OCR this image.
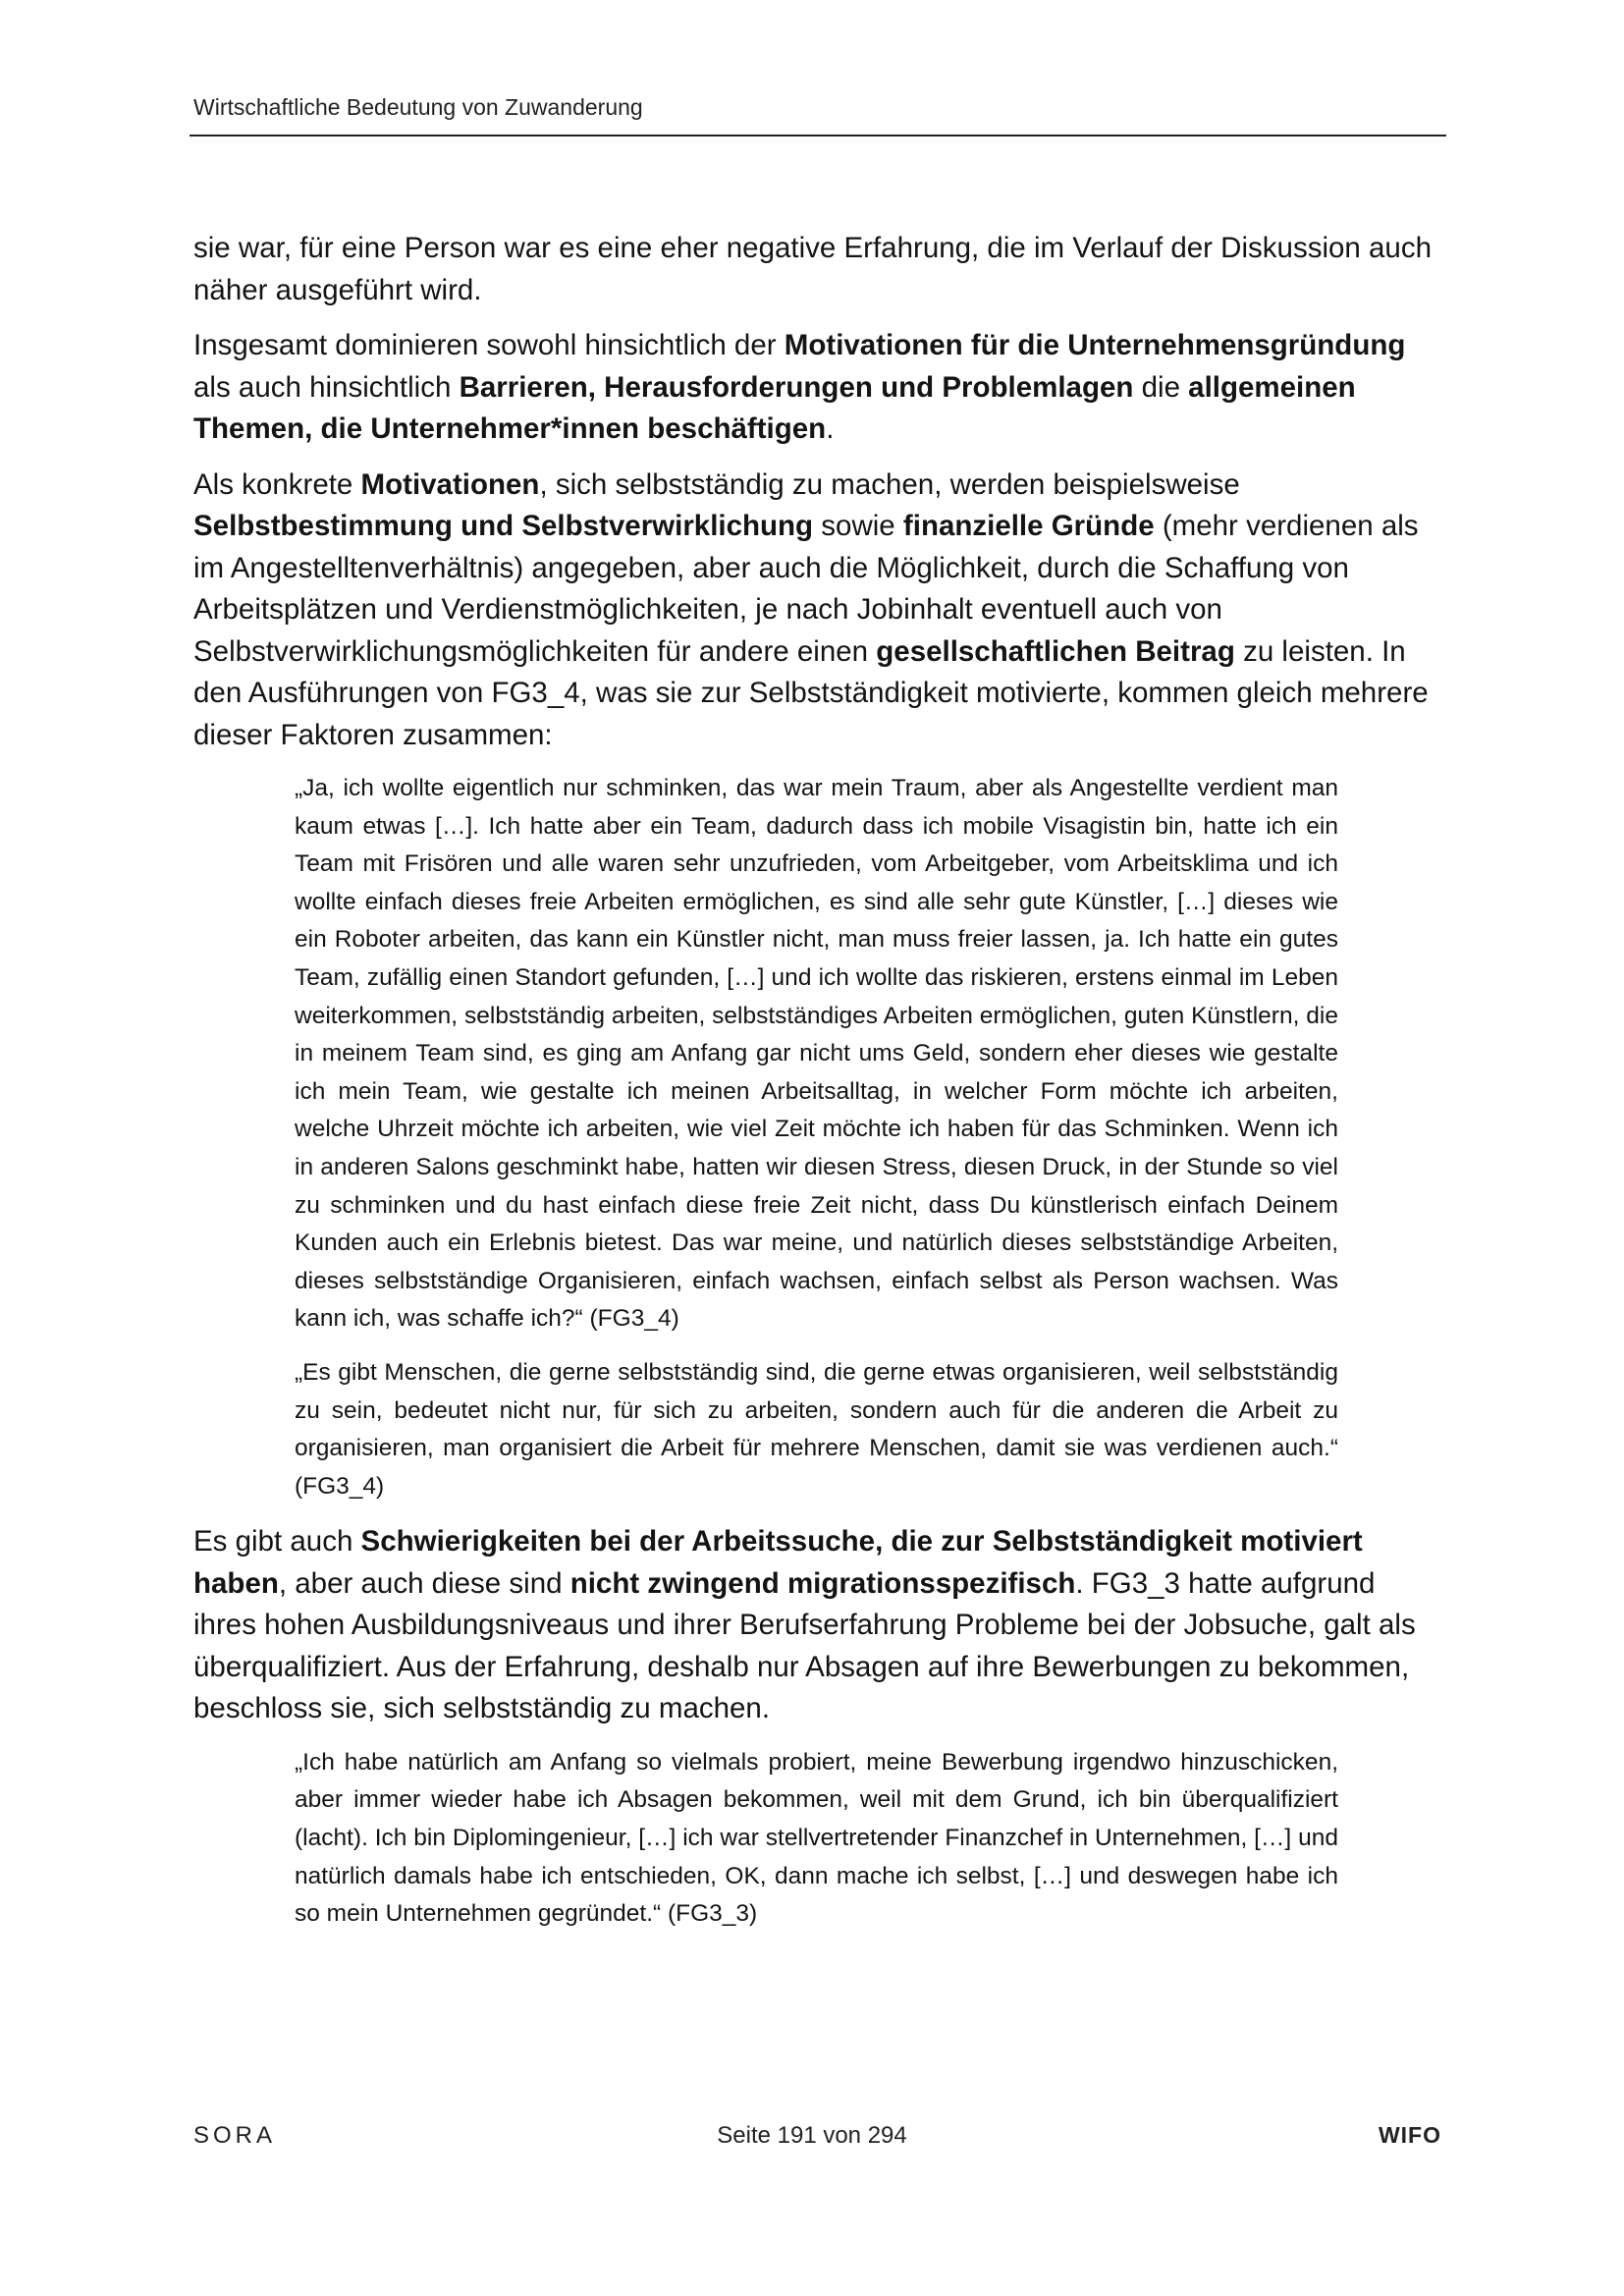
Wirtschaftliche Bedeutung von Zuwanderung

sie war, für eine Person war es eine eher negative Erfahrung, die im Verlauf der Diskussion auch näher ausgeführt wird.

Insgesamt dominieren sowohl hinsichtlich der Motivationen für die Unternehmensgründung als auch hinsichtlich Barrieren, Herausforderungen und Problemlagen die allgemeinen Themen, die Unternehmer*innen beschäftigen.

Als konkrete Motivationen, sich selbstständig zu machen, werden beispielsweise Selbstbestimmung und Selbstverwirklichung sowie finanzielle Gründe (mehr verdienen als im Angestelltenverhältnis) angegeben, aber auch die Möglichkeit, durch die Schaffung von Arbeitsplätzen und Verdienstmöglichkeiten, je nach Jobinhalt eventuell auch von Selbstverwirklichungsmöglichkeiten für andere einen gesellschaftlichen Beitrag zu leisten. In den Ausführungen von FG3_4, was sie zur Selbstständigkeit motivierte, kommen gleich mehrere dieser Faktoren zusammen:

„Ja, ich wollte eigentlich nur schminken, das war mein Traum, aber als Angestellte verdient man kaum etwas […]. Ich hatte aber ein Team, dadurch dass ich mobile Visagistin bin, hatte ich ein Team mit Frisören und alle waren sehr unzufrieden, vom Arbeitgeber, vom Arbeitsklima und ich wollte einfach dieses freie Arbeiten ermöglichen, es sind alle sehr gute Künstler, […] dieses wie ein Roboter arbeiten, das kann ein Künstler nicht, man muss freier lassen, ja. Ich hatte ein gutes Team, zufällig einen Standort gefunden, […] und ich wollte das riskieren, erstens einmal im Leben weiterkommen, selbstständig arbeiten, selbstständiges Arbeiten ermöglichen, guten Künstlern, die in meinem Team sind, es ging am Anfang gar nicht ums Geld, sondern eher dieses wie gestalte ich mein Team, wie gestalte ich meinen Arbeitsalltag, in welcher Form möchte ich arbeiten, welche Uhrzeit möchte ich arbeiten, wie viel Zeit möchte ich haben für das Schminken. Wenn ich in anderen Salons geschminkt habe, hatten wir diesen Stress, diesen Druck, in der Stunde so viel zu schminken und du hast einfach diese freie Zeit nicht, dass Du künstlerisch einfach Deinem Kunden auch ein Erlebnis bietest. Das war meine, und natürlich dieses selbstständige Arbeiten, dieses selbstständige Organisieren, einfach wachsen, einfach selbst als Person wachsen. Was kann ich, was schaffe ich?“ (FG3_4)

„Es gibt Menschen, die gerne selbstständig sind, die gerne etwas organisieren, weil selbstständig zu sein, bedeutet nicht nur, für sich zu arbeiten, sondern auch für die anderen die Arbeit zu organisieren, man organisiert die Arbeit für mehrere Menschen, damit sie was verdienen auch.“ (FG3_4)

Es gibt auch Schwierigkeiten bei der Arbeitssuche, die zur Selbstständigkeit motiviert haben, aber auch diese sind nicht zwingend migrationsspezifisch. FG3_3 hatte aufgrund ihres hohen Ausbildungsniveaus und ihrer Berufserfahrung Probleme bei der Jobsuche, galt als überqualifiziert. Aus der Erfahrung, deshalb nur Absagen auf ihre Bewerbungen zu bekommen, beschloss sie, sich selbstständig zu machen.

„Ich habe natürlich am Anfang so vielmals probiert, meine Bewerbung irgendwo hinzuschicken, aber immer wieder habe ich Absagen bekommen, weil mit dem Grund, ich bin überqualifiziert (lacht). Ich bin Diplomingenieur, […] ich war stellvertretender Finanzchef in Unternehmen, […] und natürlich damals habe ich entschieden, OK, dann mache ich selbst, […] und deswegen habe ich so mein Unternehmen gegründet.“ (FG3_3)

SORA	Seite 191 von 294	WIFO
